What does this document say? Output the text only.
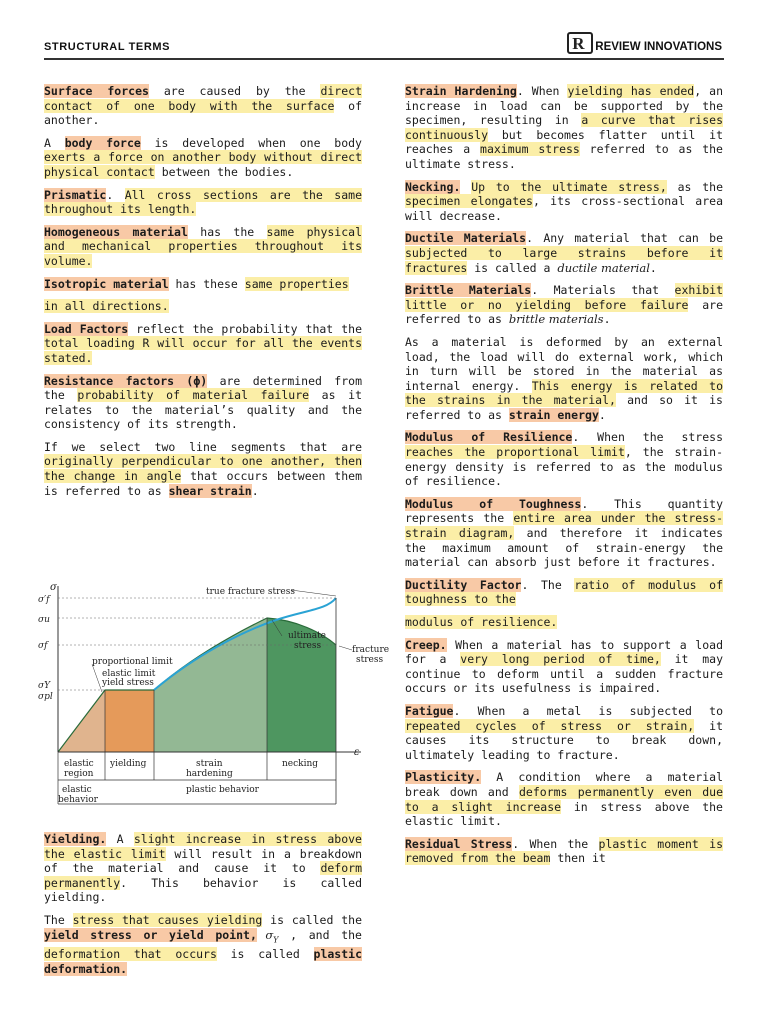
STRUCTURAL TERMS	R REVIEW INNOVATIONS

Surface forces are caused by the direct contact of one body with the surface of another.

A body force is developed when one body exerts a force on another body without direct physical contact between the bodies.

Prismatic. All cross sections are the same throughout its length.

Homogeneous material has the same physical and mechanical properties throughout its volume.

Isotropic material has these same properties

in all directions.

Load Factors reflect the probability that the total loading R will occur for all the events stated.

Resistance factors (ϕ) are determined from the probability of material failure as it relates to the material’s quality and the consistency of its strength.

If we select two line segments that are originally perpendicular to one another, then the change in angle that occurs between them is referred to as shear strain.

σ
ε
σ′f
σu
σf
σY
σpl
true fracture stress
ultimate
stress	fracture
stress
proportional limit
elastic limit
yield stress
elastic
region
yielding	strain
hardening
necking
elastic
behavior
plastic behavior

Yielding. A slight increase in stress above the elastic limit will result in a breakdown of the material and cause it to deform permanently. This behavior is called yielding.

The stress that causes yielding is called the yield stress or yield point, $\sigma_Y$ , and the deformation that occurs is called plastic deformation.

Strain Hardening. When yielding has ended, an increase in load can be supported by the specimen, resulting in a curve that rises continuously but becomes flatter until it reaches a maximum stress referred to as the ultimate stress.

Necking. Up to the ultimate stress, as the specimen elongates, its cross-sectional area will decrease.

Ductile Materials. Any material that can be subjected to large strains before it fractures is called a ductile material.

Brittle Materials. Materials that exhibit little or no yielding before failure are referred to as brittle materials.

As a material is deformed by an external load, the load will do external work, which in turn will be stored in the material as internal energy. This energy is related to the strains in the material, and so it is referred to as strain energy.

Modulus of Resilience. When the stress reaches the proportional limit, the strain-energy density is referred to as the modulus of resilience.

Modulus of Toughness. This quantity represents the entire area under the stress-strain diagram, and therefore it indicates the maximum amount of strain-energy the material can absorb just before it fractures.

Ductility Factor. The ratio of modulus of toughness to the

modulus of resilience.

Creep. When a material has to support a load for a very long period of time, it may continue to deform until a sudden fracture occurs or its usefulness is impaired.

Fatigue. When a metal is subjected to repeated cycles of stress or strain, it causes its structure to break down, ultimately leading to fracture.

Plasticity. A condition where a material break down and deforms permanently even due to a slight increase in stress above the elastic limit.

Residual Stress. When the plastic moment is removed from the beam then it
